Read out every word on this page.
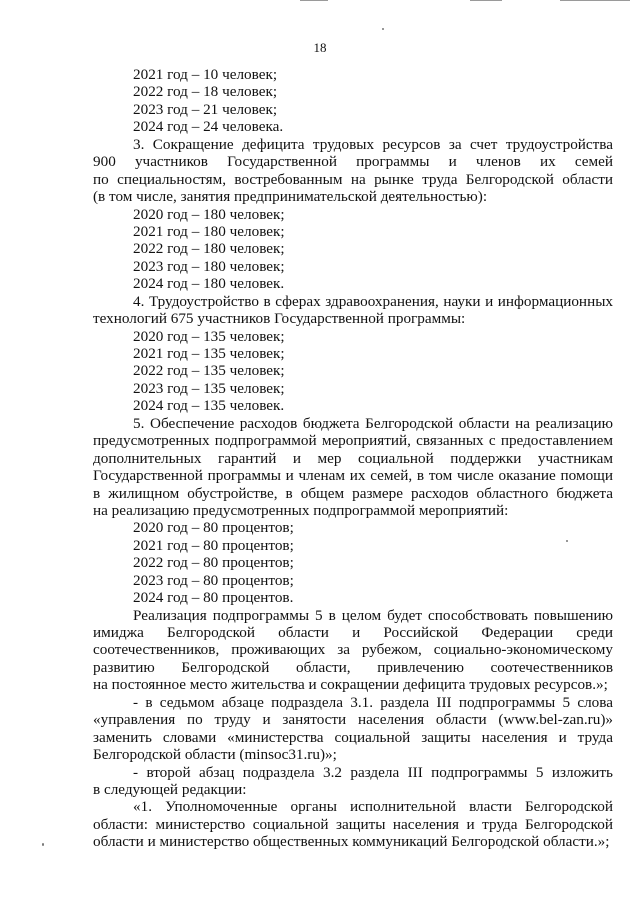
18

2021 год – 10 человек;

2022 год – 18 человек;

2023 год – 21 человек;

2024 год – 24 человека.

3. Сокращение дефицита трудовых ресурсов за счет трудоустройства

900 участников Государственной программы и членов их семей

по специальностям, востребованным на рынке труда Белгородской области

(в том числе, занятия предпринимательской деятельностью):

2020 год – 180 человек;

2021 год – 180 человек;

2022 год – 180 человек;

2023 год – 180 человек;

2024 год – 180 человек.

4. Трудоустройство в сферах здравоохранения, науки и информационных

технологий 675 участников Государственной программы:

2020 год – 135 человек;

2021 год – 135 человек;

2022 год – 135 человек;

2023 год – 135 человек;

2024 год – 135 человек.

5. Обеспечение расходов бюджета Белгородской области на реализацию

предусмотренных подпрограммой мероприятий, связанных с предоставлением

дополнительных гарантий и мер социальной поддержки участникам

Государственной программы и членам их семей, в том числе оказание помощи

в жилищном обустройстве, в общем размере расходов областного бюджета

на реализацию предусмотренных подпрограммой мероприятий:

2020 год – 80 процентов;

2021 год – 80 процентов;

2022 год – 80 процентов;

2023 год – 80 процентов;

2024 год – 80 процентов.

Реализация подпрограммы 5 в целом будет способствовать повышению

имиджа Белгородской области и Российской Федерации среди

соотечественников, проживающих за рубежом, социально-экономическому

развитию Белгородской области, привлечению соотечественников

на постоянное место жительства и сокращении дефицита трудовых ресурсов.»;

- в седьмом абзаце подраздела 3.1. раздела III подпрограммы 5 слова

«управления по труду и занятости населения области (www.bel-zan.ru)»

заменить словами «министерства социальной защиты населения и труда

Белгородской области (minsoc31.ru)»;

- второй абзац подраздела 3.2 раздела III подпрограммы 5 изложить

в следующей редакции:

«1. Уполномоченные органы исполнительной власти Белгородской

области: министерство социальной защиты населения и труда Белгородской

области и министерство общественных коммуникаций Белгородской области.»;
